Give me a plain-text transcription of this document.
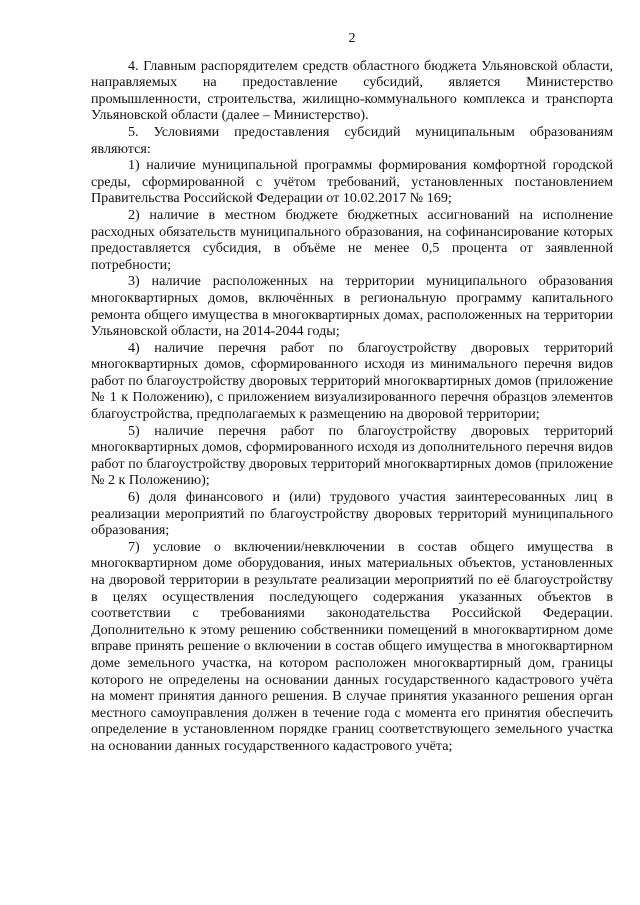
2

4. Главным распорядителем средств областного бюджета Ульяновской области, направляемых на предоставление субсидий, является Министерство промышленности, строительства, жилищно-коммунального комплекса и транспорта Ульяновской области (далее – Министерство).

5. Условиями предоставления субсидий муниципальным образованиям являются:

1) наличие муниципальной программы формирования комфортной городской среды, сформированной с учётом требований, установленных постановлением Правительства Российской Федерации от 10.02.2017 № 169;

2) наличие в местном бюджете бюджетных ассигнований на исполнение расходных обязательств муниципального образования, на софинансирование которых предоставляется субсидия, в объёме не менее 0,5 процента от заявленной потребности;

3) наличие расположенных на территории муниципального образования многоквартирных домов, включённых в региональную программу капитального ремонта общего имущества в многоквартирных домах, расположенных на территории Ульяновской области, на 2014-2044 годы;

4) наличие перечня работ по благоустройству дворовых территорий многоквартирных домов, сформированного исходя из минимального перечня видов работ по благоустройству дворовых территорий многоквартирных домов (приложение № 1 к Положению), с приложением визуализированного перечня образцов элементов благоустройства, предполагаемых к размещению на дворовой территории;

5) наличие перечня работ по благоустройству дворовых территорий многоквартирных домов, сформированного исходя из дополнительного перечня видов работ по благоустройству дворовых территорий многоквартирных домов (приложение № 2 к Положению);

6) доля финансового и (или) трудового участия заинтересованных лиц в реализации мероприятий по благоустройству дворовых территорий муниципального образования;

7) условие о включении/невключении в состав общего имущества в многоквартирном доме оборудования, иных материальных объектов, установленных на дворовой территории в результате реализации мероприятий по её благоустройству в целях осуществления последующего содержания указанных объектов в соответствии с требованиями законодательства Российской Федерации. Дополнительно к этому решению собственники помещений в многоквартирном доме вправе принять решение о включении в состав общего имущества в многоквартирном доме земельного участка, на котором расположен многоквартирный дом, границы которого не определены на основании данных государственного кадастрового учёта на момент принятия данного решения. В случае принятия указанного решения орган местного самоуправления должен в течение года с момента его принятия обеспечить определение в установленном порядке границ соответствующего земельного участка на основании данных государственного кадастрового учёта;
